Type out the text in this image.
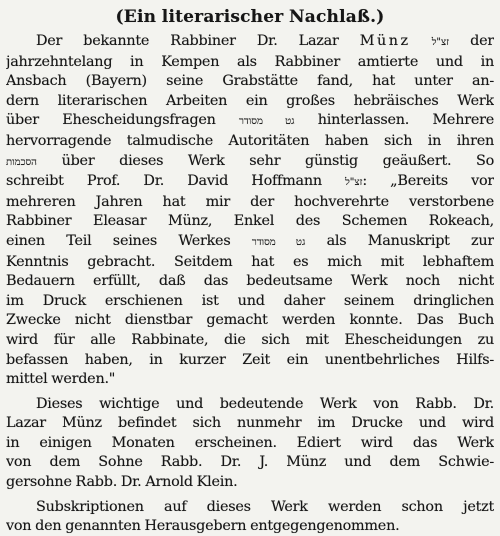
(Ein literarischer Nachlaß.)
Der bekannte Rabbiner Dr. Lazar Münz זצ"ל der
jahrzehntelang in Kempen als Rabbiner amtierte und in
Ansbach (Bayern) seine Grabstätte fand, hat unter an-
dern literarischen Arbeiten ein großes hebräisches Werk
über Ehescheidungsfragen גט מסודר hinterlassen. Mehrere
hervorragende talmudische Autoritäten haben sich in ihren
הסכמות über dieses Werk sehr günstig geäußert. So
schreibt Prof. Dr. David Hoffmann זצ"ל: „Bereits vor
mehreren Jahren hat mir der hochverehrte verstorbene
Rabbiner Eleasar Münz, Enkel des Schemen Rokeach,
einen Teil seines Werkes גט מסודר als Manuskript zur
Kenntnis gebracht. Seitdem hat es mich mit lebhaftem
Bedauern erfüllt, daß das bedeutsame Werk noch nicht
im Druck erschienen ist und daher seinem dringlichen
Zwecke nicht dienstbar gemacht werden konnte. Das Buch
wird für alle Rabbinate, die sich mit Ehescheidungen zu
befassen haben, in kurzer Zeit ein unentbehrliches Hilfs-
mittel werden."
Dieses wichtige und bedeutende Werk von Rabb. Dr.
Lazar Münz befindet sich nunmehr im Drucke und wird
in einigen Monaten erscheinen. Ediert wird das Werk
von dem Sohne Rabb. Dr. J. Münz und dem Schwie-
gersohne Rabb. Dr. Arnold Klein.
Subskriptionen auf dieses Werk werden schon jetzt
von den genannten Herausgebern entgegengenommen.
